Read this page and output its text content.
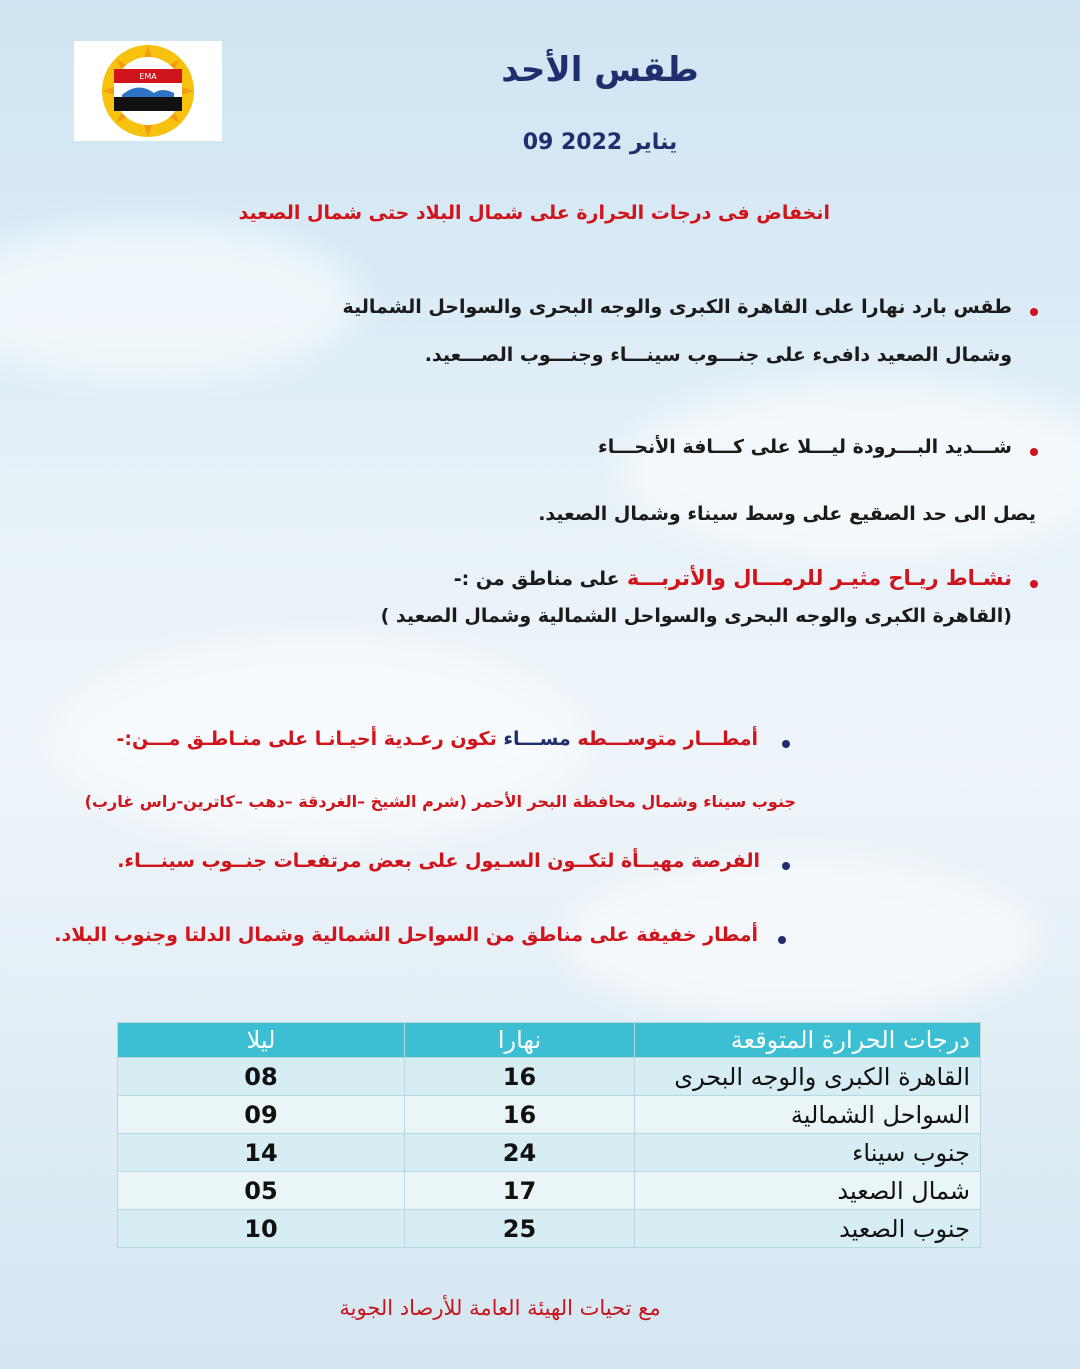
EMA	طقس الأحد
09 يناير 2022
انخفاض فى درجات الحرارة على شمال البلاد حتى شمال الصعيد
طقس بارد نهارا على القاهرة الكبرى والوجه البحرى والسواحل الشمالية
وشمال الصعيد دافىء على جنـــوب سينـــاء وجنـــوب الصـــعيد.
شـــديد البـــرودة ليـــلا على كـــافة الأنحـــاء
يصل الى حد الصقيع على وسط سيناء وشمال الصعيد.
نشـاط ريـاح مثيـر للرمـــال والأتربـــة على مناطق من :-
(القاهرة الكبرى والوجه البحرى والسواحل الشمالية وشمال الصعيد )
أمطـــار متوســـطه مســـاء تكون رعـدية أحيـانـا على منـاطـق مـــن:-
جنوب سيناء وشمال محافظة البحر الأحمر (شرم الشيخ –الغردقة –دهب –كاترين-راس غارب)
الفرصة مهيــأة لتكــون السـيول على بعض مرتفعـات جنــوب سينـــاء.
أمطار خفيفة على مناطق من السواحل الشمالية وشمال الدلتا وجنوب البلاد.
درجات الحرارة المتوقعة	نهارا	ليلا
القاهرة الكبرى والوجه البحرى	16	08
السواحل الشمالية	16	09
جنوب سيناء	24	14
شمال الصعيد	17	05
جنوب الصعيد	25	10
مع تحيات الهيئة العامة للأرصاد الجوية
